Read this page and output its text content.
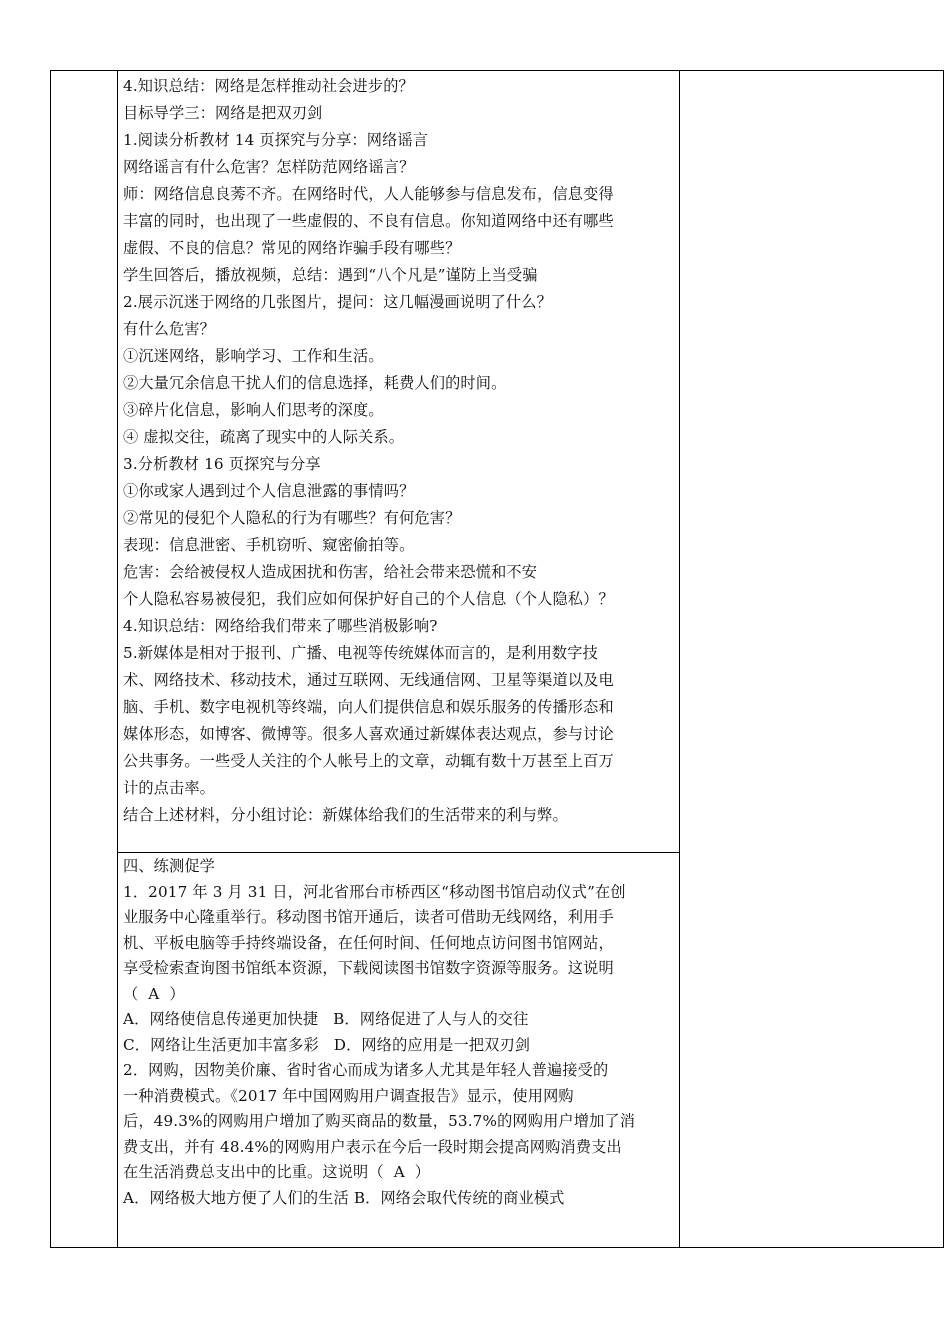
4.知识总结：网络是怎样推动社会进步的？

目标导学三：网络是把双刃剑

1.阅读分析教材 14 页探究与分享：网络谣言

网络谣言有什么危害？怎样防范网络谣言？

师：网络信息良莠不齐。在网络时代，人人能够参与信息发布，信息变得

丰富的同时，也出现了一些虚假的、不良有信息。你知道网络中还有哪些

虚假、不良的信息？常见的网络诈骗手段有哪些？

学生回答后，播放视频，总结：遇到“八个凡是”谨防上当受骗

2.展示沉迷于网络的几张图片，提问：这几幅漫画说明了什么？

有什么危害？

①沉迷网络，影响学习、工作和生活。

②大量冗余信息干扰人们的信息选择，耗费人们的时间。

③碎片化信息，影响人们思考的深度。

④ 虚拟交往，疏离了现实中的人际关系。

3.分析教材 16 页探究与分享

①你或家人遇到过个人信息泄露的事情吗？

②常见的侵犯个人隐私的行为有哪些？有何危害？

表现：信息泄密、手机窃听、窥密偷拍等。

危害：会给被侵权人造成困扰和伤害，给社会带来恐慌和不安

个人隐私容易被侵犯，我们应如何保护好自己的个人信息（个人隐私）？

4.知识总结：网络给我们带来了哪些消极影响?

5.新媒体是相对于报刊、广播、电视等传统媒体而言的，是利用数字技

术、网络技术、移动技术，通过互联网、无线通信网、卫星等渠道以及电

脑、手机、数字电视机等终端，向人们提供信息和娱乐服务的传播形态和

媒体形态，如博客、微博等。很多人喜欢通过新媒体表达观点，参与讨论

公共事务。一些受人关注的个人帐号上的文章，动辄有数十万甚至上百万

计的点击率。

结合上述材料，分小组讨论：新媒体给我们的生活带来的利与弊。

四、练测促学

1．2017 年 3 月 31 日，河北省邢台市桥西区“移动图书馆启动仪式”在创

业服务中心隆重举行。移动图书馆开通后，读者可借助无线网络，利用手

机、平板电脑等手持终端设备，在任何时间、任何地点访问图书馆网站，

享受检索查询图书馆纸本资源，下载阅读图书馆数字资源等服务。这说明

（  A  ）

A．网络使信息传递更加快捷   B．网络促进了人与人的交往

C．网络让生活更加丰富多彩   D．网络的应用是一把双刃剑

2．网购，因物美价廉、省时省心而成为诸多人尤其是年轻人普遍接受的

一种消费模式。《2017 年中国网购用户调查报告》显示，使用网购

后，49.3%的网购用户增加了购买商品的数量，53.7%的网购用户增加了消

费支出，并有 48.4%的网购用户表示在今后一段时期会提高网购消费支出

在生活消费总支出中的比重。这说明（  A  ）

A．网络极大地方便了人们的生活 B．网络会取代传统的商业模式
